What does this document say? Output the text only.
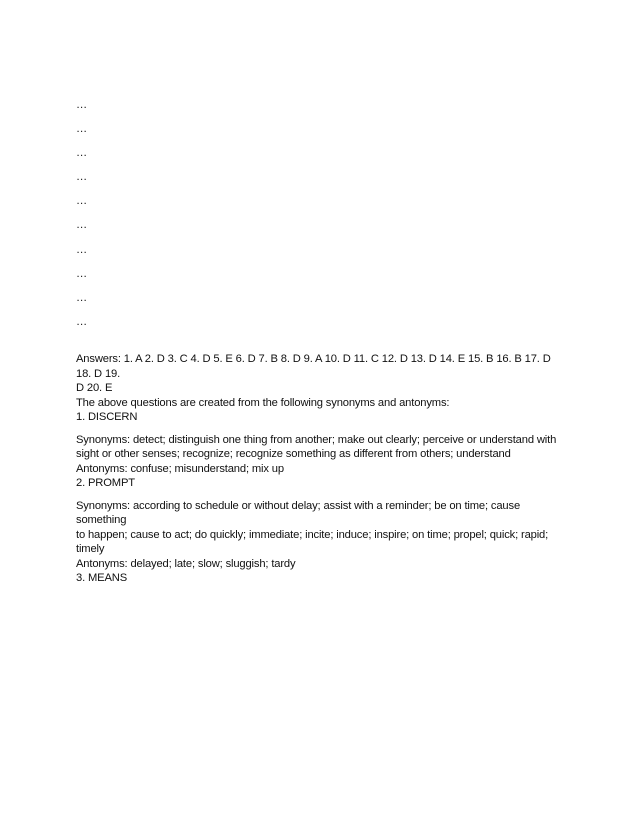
…

…

…

…

…

…

…

…

…

…

Answers: 1. A 2. D 3. C 4. D 5. E 6. D 7. B 8. D 9. A 10. D 11. C 12. D 13. D 14. E 15. B 16. B 17. D 18. D 19.

D 20. E

The above questions are created from the following synonyms and antonyms:

1. DISCERN

Synonyms: detect; distinguish one thing from another; make out clearly; perceive or understand with

sight or other senses; recognize; recognize something as different from others; understand

Antonyms: confuse; misunderstand; mix up

2. PROMPT

Synonyms: according to schedule or without delay; assist with a reminder; be on time; cause something

to happen; cause to act; do quickly; immediate; incite; induce; inspire; on time; propel; quick; rapid;

timely

Antonyms: delayed; late; slow; sluggish; tardy

3. MEANS
